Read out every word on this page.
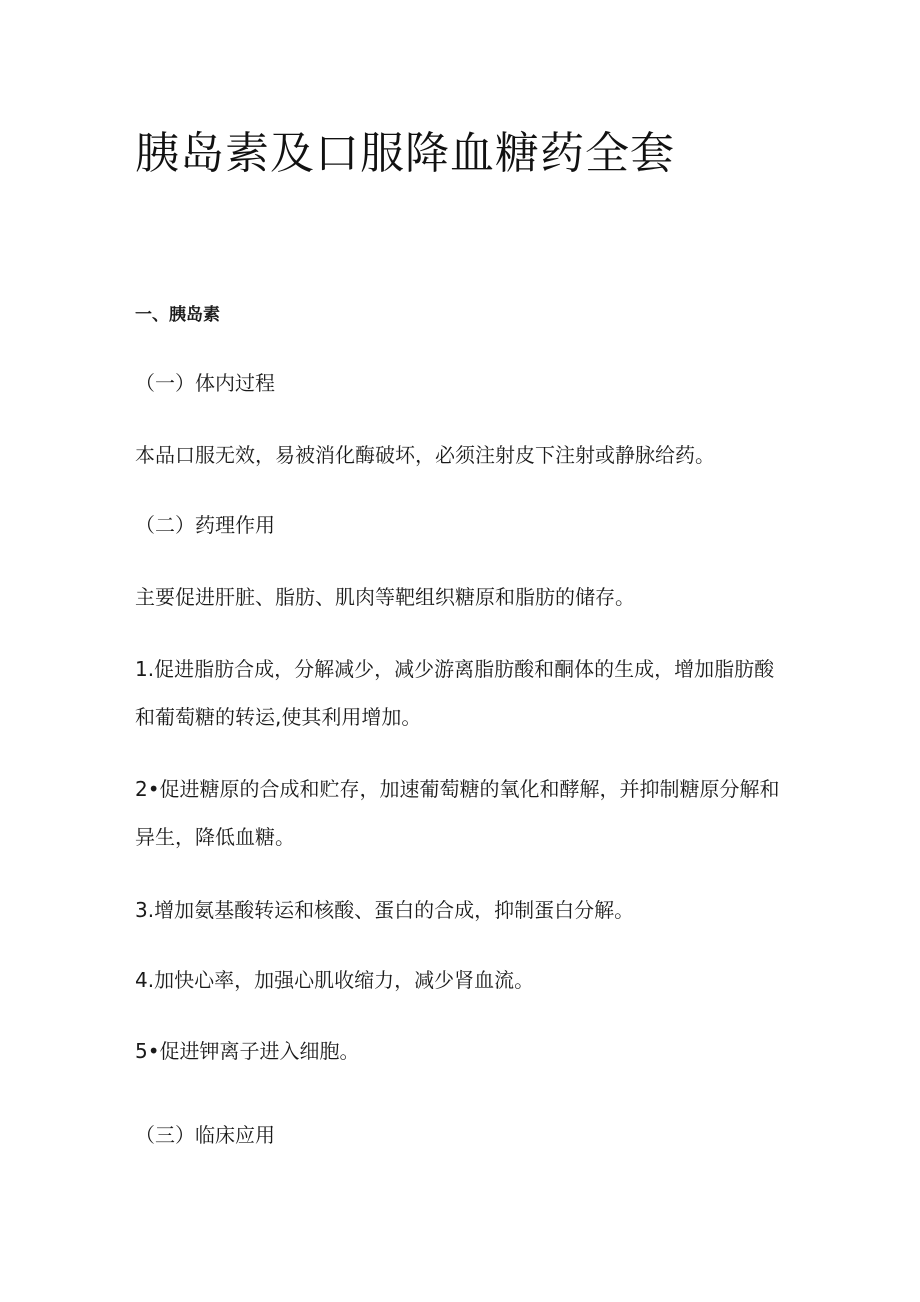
胰岛素及口服降血糖药全套

一、胰岛素

（一）体内过程

本品口服无效，易被消化酶破坏，必须注射皮下注射或静脉给药。

（二）药理作用

主要促进肝脏、脂肪、肌肉等靶组织糖原和脂肪的储存。

1.促进脂肪合成，分解减少，减少游离脂肪酸和酮体的生成，增加脂肪酸
和葡萄糖的转运,使其利用增加。
2•促进糖原的合成和贮存，加速葡萄糖的氧化和酵解，并抑制糖原分解和
异生，降低血糖。

3.增加氨基酸转运和核酸、蛋白的合成，抑制蛋白分解。

4.加快心率，加强心肌收缩力，减少肾血流。

5•促进钾离子进入细胞。

（三）临床应用
